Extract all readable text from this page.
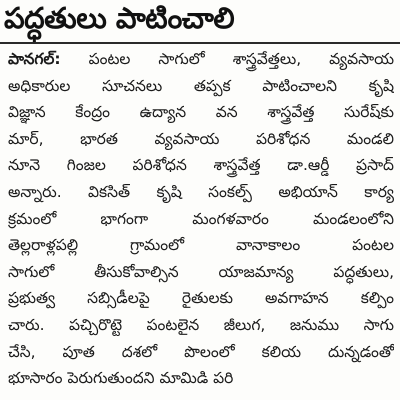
పద్ధతులు పాటించాలి
పానగల్: పంటల సాగులో శాస్త్రవేత్తలు, వ్యవసాయ
అధికారుల సూచనలు తప్పక పాటించాలని కృషి
విజ్ఞాన కేంద్రం ఉద్యాన వన శాస్త్రవేత్త సురేష్‌కు
మార్, భారత వ్యవసాయ పరిశోధన మండలి
నూనె గింజల పరిశోధన శాస్త్రవేత్త డా.ఆర్డీ ప్రసాద్
అన్నారు. వికసిత్ కృషి సంకల్ప్ అభియాన్ కార్య
క్రమంలో భాగంగా మంగళవారం మండలంలోని
తెల్లరాళ్లపల్లి గ్రామంలో వానాకాలం పంటల
సాగులో తీసుకోవాల్సిన యాజమాన్య పద్ధతులు,
ప్రభుత్వ సబ్సిడీలపై రైతులకు అవగాహన కల్పిం
చారు. పచ్చిరొట్టె పంటలైన జీలుగ, జనుము సాగు
చేసి, పూత దశలో పొలంలో కలియ దున్నడంతో
భూసారం పెరుగుతుందని మామిడి పరి
